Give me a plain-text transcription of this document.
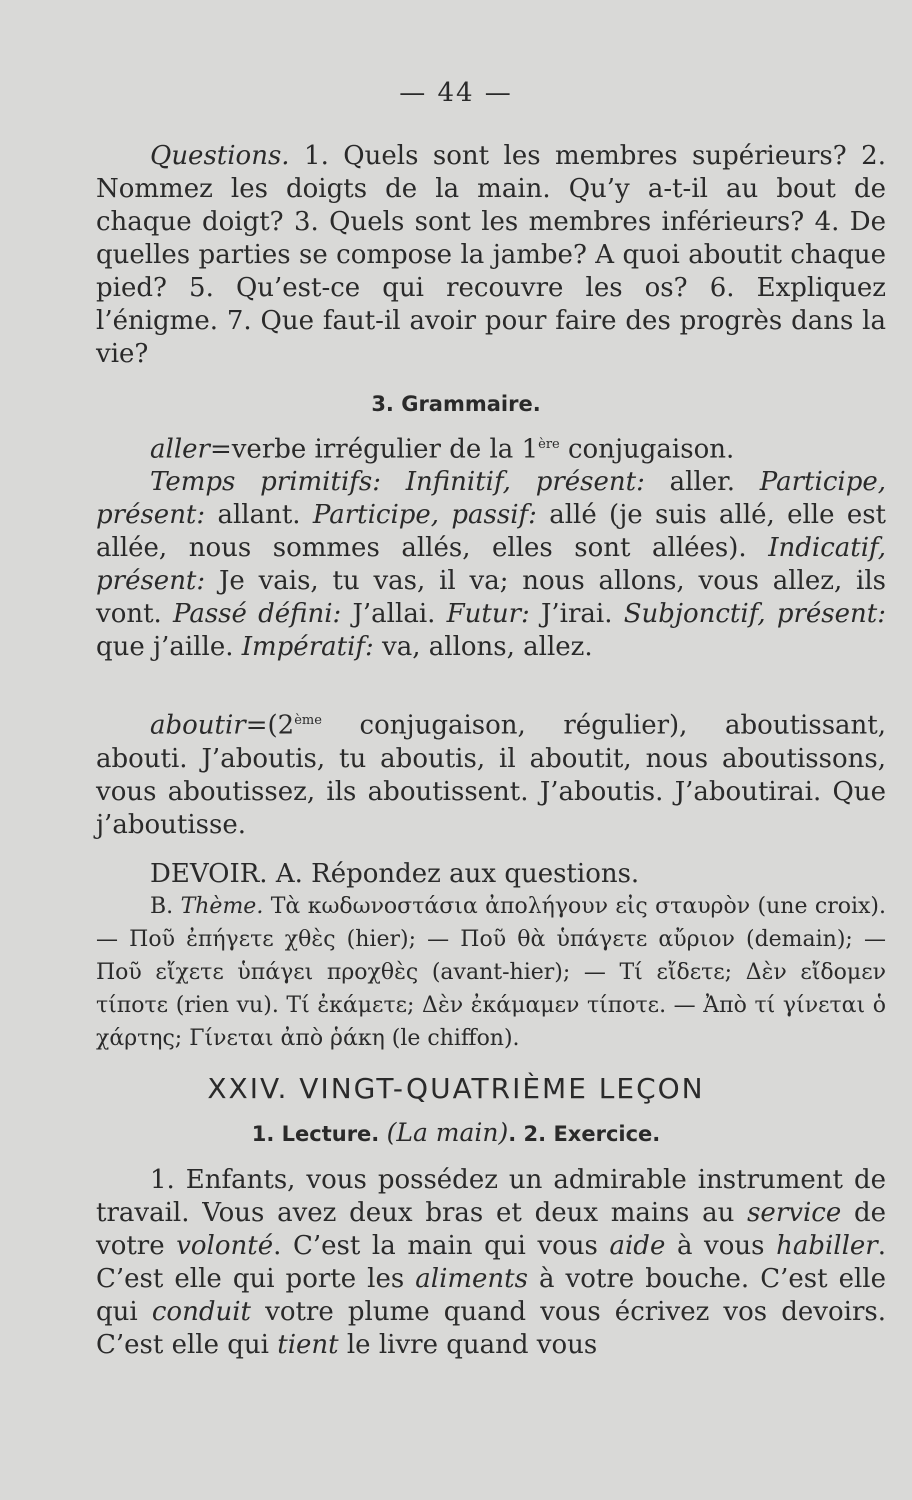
— 44 —

Questions. 1. Quels sont les membres supérieurs? 2. Nommez les doigts de la main. Qu’y a-t-il au bout de chaque doigt? 3. Quels sont les membres inférieurs? 4. De quelles parties se compose la jambe? A quoi aboutit chaque pied? 5. Qu’est-ce qui recouvre les os? 6. Expliquez l’énigme. 7. Que faut-il avoir pour faire des progrès dans la vie?

3. Grammaire.

aller=verbe irrégulier de la 1ère conjugaison.

Temps primitifs: Infinitif, présent: aller. Participe, présent: allant. Participe, passif: allé (je suis allé, elle est allée, nous sommes allés, elles sont allées). Indicatif, présent: Je vais, tu vas, il va; nous allons, vous allez, ils vont. Passé défini: J’allai. Futur: J’irai. Subjonctif, présent: que j’aille. Impératif: va, allons, allez.

aboutir=(2ème conjugaison, régulier), aboutissant, abouti. J’aboutis, tu aboutis, il aboutit, nous aboutissons, vous aboutissez, ils aboutissent. J’aboutis. J’aboutirai. Que j’aboutisse.

DEVOIR. A. Répondez aux questions.

B. Thème. Τὰ κωδωνοστάσια ἀπολήγουν εἰς σταυρὸν (une croix). — Ποῦ ἐπήγετε χθὲς (hier); — Ποῦ θὰ ὑπάγετε αὔριον (demain); — Ποῦ εἴχετε ὑπάγει προχθὲς (avant-hier); — Τί εἴδετε; Δὲν εἴδομεν τίποτε (rien vu). Τί ἐκάμετε; Δὲν ἐκάμαμεν τίποτε. — Ἀπὸ τί γίνεται ὁ χάρτης; Γίνεται ἀπὸ ῥάκη (le chiffon).

XXIV. VINGT-QUATRIÈME LEÇON
1. Lecture. (La main). 2. Exercice.

1. Enfants, vous possédez un admirable instrument de travail. Vous avez deux bras et deux mains au service de votre volonté. C’est la main qui vous aide à vous habiller. C’est elle qui porte les aliments à votre bouche. C’est elle qui conduit votre plume quand vous écrivez vos devoirs. C’est elle qui tient le livre quand vous
